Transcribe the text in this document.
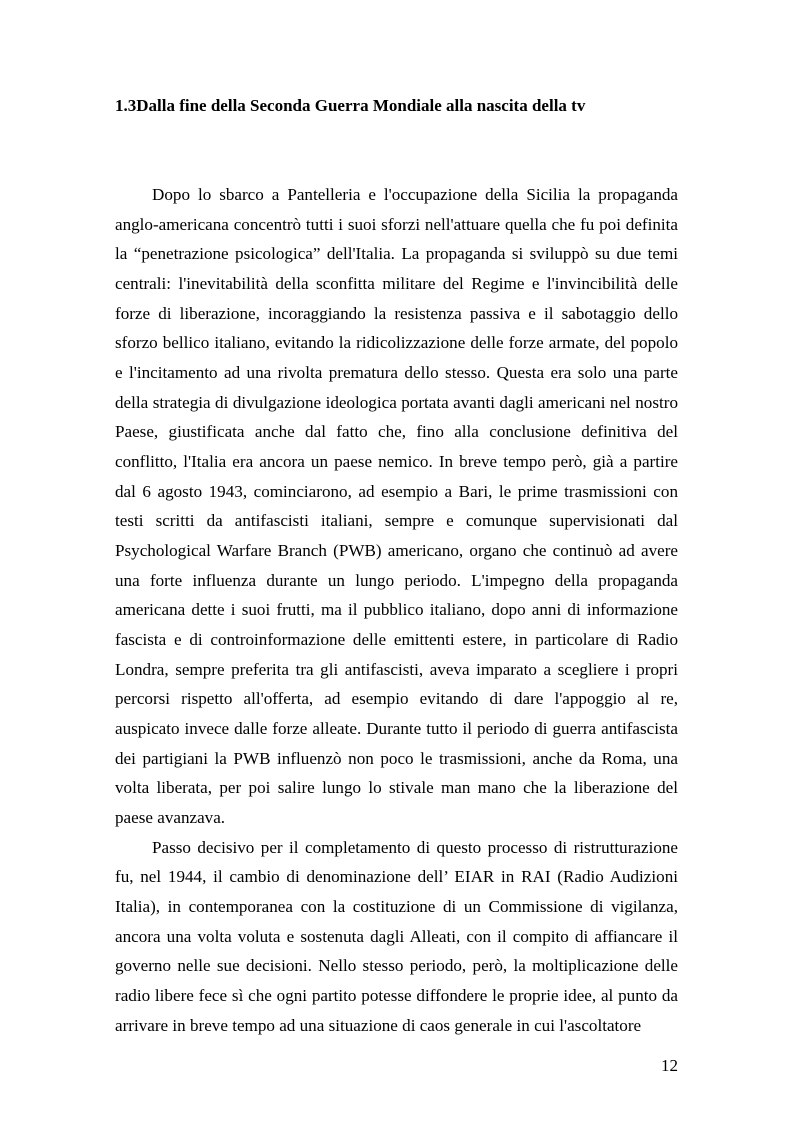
1.3Dalla fine della Seconda Guerra Mondiale alla nascita della tv

Dopo lo sbarco a Pantelleria e l'occupazione della Sicilia la propaganda anglo-americana concentrò tutti i suoi sforzi nell'attuare quella che fu poi definita la “penetrazione psicologica” dell'Italia. La propaganda si sviluppò su due temi centrali: l'inevitabilità della sconfitta militare del Regime e l'invincibilità delle forze di liberazione, incoraggiando la resistenza passiva e il sabotaggio dello sforzo bellico italiano, evitando la ridicolizzazione delle forze armate, del popolo e l'incitamento ad una rivolta prematura dello stesso. Questa era solo una parte della strategia di divulgazione ideologica portata avanti dagli americani nel nostro Paese, giustificata anche dal fatto che, fino alla conclusione definitiva del conflitto, l'Italia era ancora un paese nemico. In breve tempo però, già a partire dal 6 agosto 1943, cominciarono, ad esempio a Bari, le prime trasmissioni con testi scritti da antifascisti italiani, sempre e comunque supervisionati dal Psychological Warfare Branch (PWB) americano, organo che continuò ad avere una forte influenza durante un lungo periodo. L'impegno della propaganda americana dette i suoi frutti, ma il pubblico italiano, dopo anni di informazione fascista e di controinformazione delle emittenti estere, in particolare di Radio Londra, sempre preferita tra gli antifascisti, aveva imparato a scegliere i propri percorsi rispetto all'offerta, ad esempio evitando di dare l'appoggio al re, auspicato invece dalle forze alleate. Durante tutto il periodo di guerra antifascista dei partigiani la PWB influenzò non poco le trasmissioni, anche da Roma, una volta liberata, per poi salire lungo lo stivale man mano che la liberazione del paese avanzava.

Passo decisivo per il completamento di questo processo di ristrutturazione fu, nel 1944, il cambio di denominazione dell’ EIAR in RAI (Radio Audizioni Italia), in contemporanea con la costituzione di un Commissione di vigilanza, ancora una volta voluta e sostenuta dagli Alleati, con il compito di affiancare il governo nelle sue decisioni. Nello stesso periodo, però, la moltiplicazione delle radio libere fece sì che ogni partito potesse diffondere le proprie idee, al punto da arrivare in breve tempo ad una situazione di caos generale in cui l'ascoltatore

12
